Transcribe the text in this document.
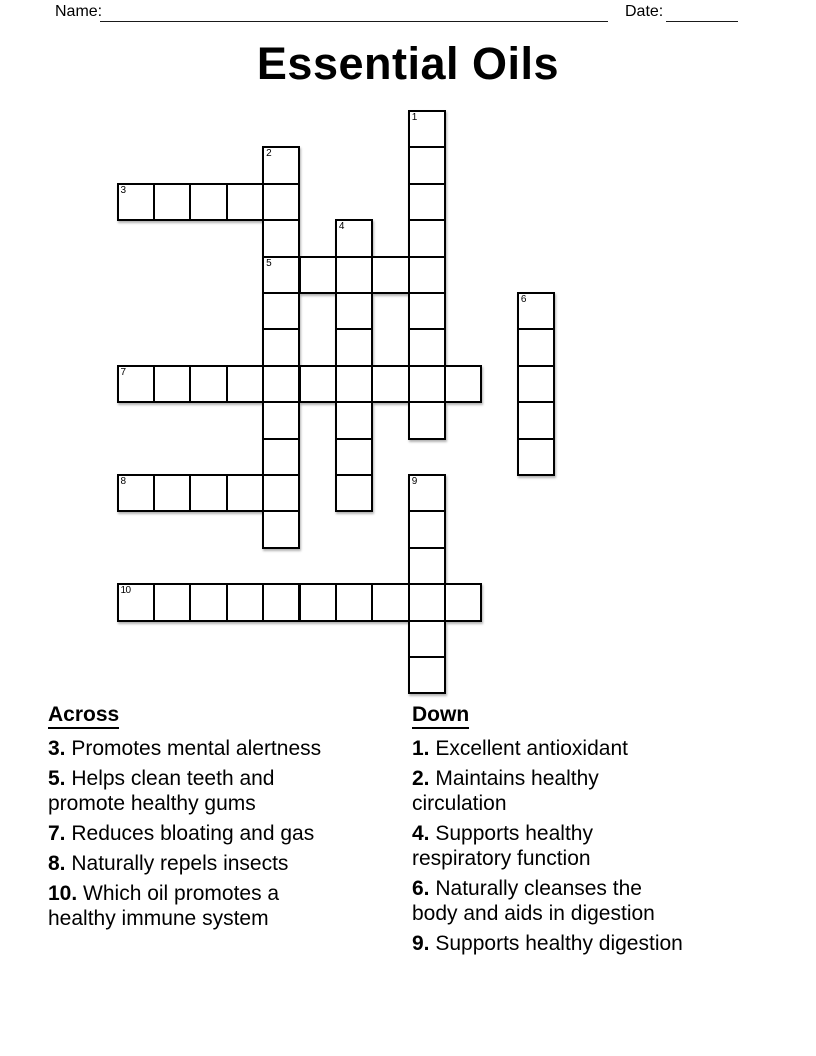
Name:	Date:
Essential Oils
1
2
5
3
4
6
7
8	9
10
Across

3. Promotes mental alertness

5. Helps clean teeth and
promote healthy gums

7. Reduces bloating and gas

8. Naturally repels insects

10. Which oil promotes a
healthy immune system

Down

1. Excellent antioxidant

2. Maintains healthy
circulation

4. Supports healthy
respiratory function

6. Naturally cleanses the
body and aids in digestion

9. Supports healthy digestion
